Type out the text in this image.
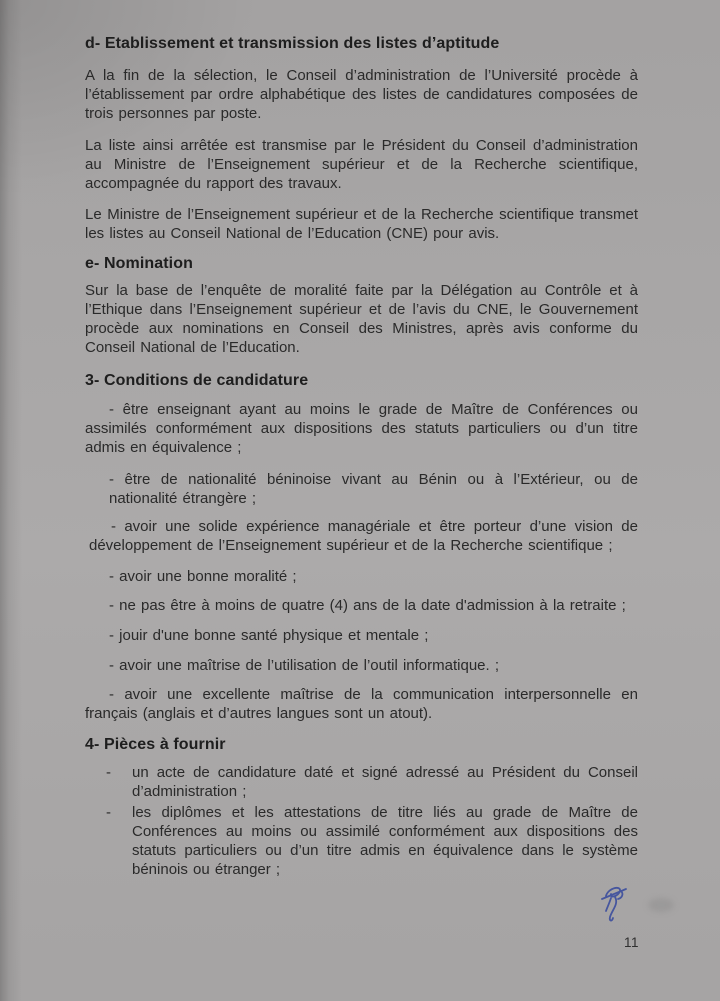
d- Etablissement et transmission des listes d’aptitude

A la fin de la sélection, le Conseil d’administration de l’Université procède à l’établissement par ordre alphabétique des listes de candidatures composées de trois personnes par poste.

La liste ainsi arrêtée est transmise par le Président du Conseil d’administration au Ministre de l’Enseignement supérieur et de la Recherche scientifique, accompagnée du rapport des travaux.

Le Ministre de l’Enseignement supérieur et de la Recherche scientifique transmet les listes au Conseil National de l’Education (CNE) pour avis.

e- Nomination

Sur la base de l’enquête de moralité faite par la Délégation au Contrôle et à l’Ethique dans l’Enseignement supérieur et de l’avis du CNE, le Gouvernement procède aux nominations en Conseil des Ministres, après avis conforme du Conseil National de l’Education.

3- Conditions de candidature

- être enseignant ayant au moins le grade de Maître de Conférences ou assimilés conformément aux dispositions des statuts particuliers ou d’un titre admis en équivalence ;

- être de nationalité béninoise vivant au Bénin ou à l’Extérieur, ou de nationalité étrangère ;

- avoir une solide expérience managériale et être porteur d’une vision de développement de l’Enseignement supérieur et de la Recherche scientifique ;

- avoir une bonne moralité ;

- ne pas être à moins de quatre (4) ans de la date d'admission à la retraite ;

- jouir d'une bonne santé physique et mentale ;

- avoir une maîtrise de l’utilisation de l’outil informatique. ;

- avoir une excellente maîtrise de la communication interpersonnelle en français (anglais et d’autres langues sont un atout).

4- Pièces à fournir
- un acte de candidature daté et signé adressé au Président du Conseil d’administration ;
- les diplômes et les attestations de titre liés au grade de Maître de Conférences au moins ou assimilé conformément aux dispositions des statuts particuliers ou d’un titre admis en équivalence dans le système béninois ou étranger ;
11
